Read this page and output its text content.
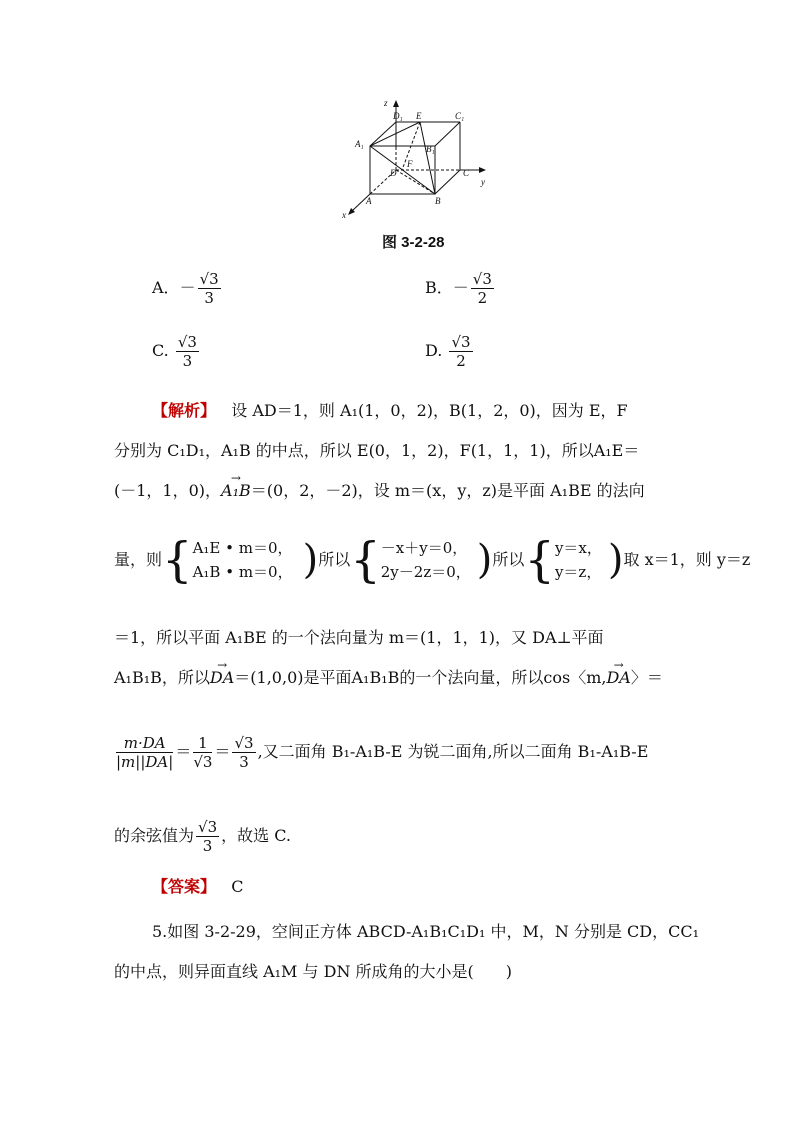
z
y
x
D₁ E	C₁
A₁	B₁
F
D	C
A	B
图 3-2-28
A．－ $\frac{√3}{3}$	B．－ $\frac{√3}{2}$
C. $\frac{√3}{3}$	D. $\frac{√3}{2}$
【解析】 设 AD＝1，则 A₁(1，0，2)，B(1，2，0)，因为 E，F
分别为 C₁D₁，A₁B 的中点，所以 E(0，1，2)，F(1，1，1)，所以A₁E＝
(－1，1，0)，→ A₁B＝(0，2，－2)，设 m＝(x，y，z)是平面 A₁BE 的法向
量，则 { A₁E • m＝0，
A₁B • m＝0， ) 所以 { －x＋y＝0，
2y－2z＝0， ) 所以 { y＝x，
y＝z， ) 取 x＝1，则 y＝z
＝1，所以平面 A₁BE 的一个法向量为 m＝(1，1，1)，又 DA⊥平面
A₁B₁B，所以→ DA＝(1,0,0)是平面A₁B₁B的一个法向量，所以cos〈m,→ DA〉＝
$\frac{m\cdot DA}{|m||DA|} = \frac{1}{√3} = \frac{√3}{3}$ ,又二面角 B₁-A₁B-E 为锐二面角,所以二面角 B₁-A₁B-E
的余弦值为 $\frac{√3}{3}$ ，故选 C.
【答案】 C
5.如图 3-2-29，空间正方体 ABCD-A₁B₁C₁D₁ 中，M，N 分别是 CD，CC₁
的中点，则异面直线 A₁M 与 DN 所成角的大小是(　　)
